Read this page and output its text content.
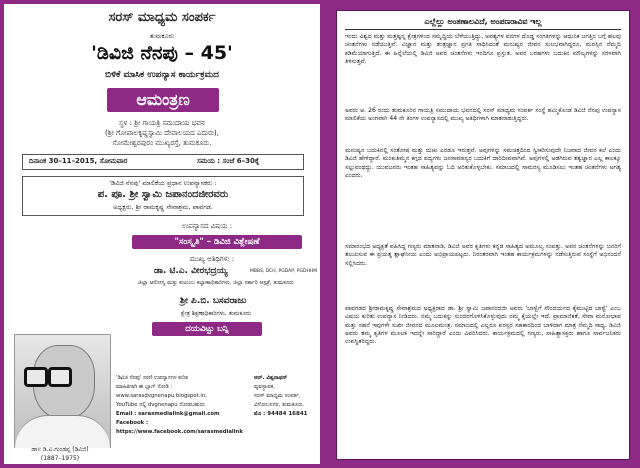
ಸರಸ್ ಮಾಧ್ಯಮ ಸಂಪರ್ಕ
ತುಮಕೂರು
'ಡಿವಿಜಿ ನೆನಪು – 45'
ಬಿಳಿಕೆ ಮಾಸಿಕ ಉಪನ್ಯಾಸ ಕಾರ್ಯಕ್ರಮದ
ಆಮಂತ್ರಣ
ಸ್ಥಳ : ಶ್ರೀ ಗಾಯತ್ರಿ ಸಮುದಾಯ ಭವನ
(ಶ್ರೀ ಗೋಪಾಲಕೃಷ್ಣಸ್ವಾಮಿ ದೇವಾಲಯದ ಎದುರು),
ಸೋಮೇಶ್ವರಪುರಂ ಮುಖ್ಯರಸ್ತೆ, ತುಮಕೂರು.
ದಿನಾಂಕ 30–11–2015, ಸೋಮವಾರ	ಸಮಯ : ಸಂಜೆ 6–30ಕ್ಕೆ
'ಡಿವಿಜಿ ನೆನಪು' ಮಾಲಿಕೆಯ ಪ್ರಧಾನ ಉಪನ್ಯಾಸಕರು :
ಪ. ಪೂ. ಶ್ರೀ ಸ್ವಾಮಿ ಜಪಾನಂದಜೀರವರು
ಅಧ್ಯಕ್ಷರು, ಶ್ರೀ ರಾಮಕೃಷ್ಣ ಸೇವಾಶ್ರಮ, ಪಾವಗಡ.
ಉಪನ್ಯಾಸದ ವಿಷಯ :
"ಸಂಸ್ಕೃತಿ" – ಡಿವಿಜಿ ವಿಶ್ಲೇಷಣೆ
ಮುಖ್ಯ ಅತಿಥಿಗಳು :
ಡಾ. ಟಿ.ಎ. ವೀರಭದ್ರಯ್ಯ	MBBS, DCH, PGDAP, PGDHHM
ಜಿಲ್ಲಾ ಆರೋಗ್ಯ ಮತ್ತು ಕುಟುಂಬ ಕಲ್ಯಾಣಾಧಿಕಾರಿಗಳು, ಜಿಲ್ಲಾ ಸರ್ಕಾರಿ ಆಸ್ಪತ್ರೆ, ತುಮಕೂರು
ಶ್ರೀ ಪಿ.ಬಿ. ಬಸವರಾಜು
ಕ್ಷೇತ್ರ ಶಿಕ್ಷಣಾಧಿಕಾರಿಗಳು, ತುಮಕೂರು
ದಯವಿಟ್ಟು ಬನ್ನಿ
ಡಾ॥ ಡಿ.ವಿ.ಗುಂಡಪ್ಪ (ಡಿವಿಜಿ)
(1887–1975)
'ಡಿವಿಜಿ ನೆನಪು' ಸರಣಿ ಉಪನ್ಯಾಸಗಳ ಕುರಿತ
ಮಾಹಿತಿಗಾಗಿ ಈ ಬ್ಲಾಗ್ ನೋಡಿ :
www.sarasdvgnenapu.blogspot.in,
YouTube ನಲ್ಲಿ dvgnenapu ನೋಡಬಹುದು
Email : sarasmedialink@gmail.com
Facebook : https://www.facebook.com/sarasmedialink
ಆರ್. ವಿಶ್ವನಾಥನ್
ವ್ಯವಸ್ಥಾಪಕ,
ಸರಸ್ ಮಾಧ್ಯಮ ಸಂಪರ್ಕ,
ವಿನೋಬನಗರ, ತುಮಕೂರು.
ಮೊ : 94484 16841
ಎಲ್ಲೆಲ್ಲು ಅಂತಣಾಲವಿದೆ, ಅಂಪಣರಾವಿವ ಇಲ್ಲ
ಇಂದು ವಿಶ್ವದ ಮತ್ತು ಮತ್ತಷ್ಟನ್ನ ಕ್ಷೇತ್ರಗಳಿಂದ ಸಮೃದ್ಧಿಯ ಬೆಳೆಯುತ್ತಿದ್ದು, ಅವಶ್ಯಗಳ ವನಗಳ ದೊಡ್ಡ ಸಂಗತಿಗಳನ್ನು ಆಧುನಿಕ ಜಗತ್ತಿನ ಬಗ್ಗೆ ಹಲವು ಚಿಂತನೆಗಳು ನಡೆಯುತ್ತಿವೆ. ವಿಜ್ಞಾನ ಮತ್ತು ತಂತ್ರಜ್ಞಾನ ಪ್ರಗತಿ ಸಾಧಿಸಿದಂತೆ ಮನುಷ್ಯನ ಜೀವನ ಸುಲಭವಾಗಿದ್ದರೂ, ಮನಸ್ಸಿನ ನೆಮ್ಮದಿ ಕಡಿಮೆಯಾಗುತ್ತಿದೆ. ಈ ಹಿನ್ನೆಲೆಯಲ್ಲಿ ಡಿವಿಜಿ ಅವರ ಚಿಂತನೆಗಳು ಇಂದಿಗೂ ಪ್ರಸ್ತುತ. ಅವರ ಬರಹಗಳು ಬದುಕಿನ ಮೌಲ್ಯಗಳನ್ನು ಸರಳವಾಗಿ ತಿಳಿಸುತ್ತವೆ.
ಅವರು ಆ. 26 ರಂದು ತುಮಕೂರಿನ ಗಾಯತ್ರಿ ಸಮುದಾಯ ಭವನದಲ್ಲಿ ಸರಸ್ ಮಾಧ್ಯಮ ಸಂಪರ್ಕ ಸಂಸ್ಥೆ ಹಮ್ಮಿಕೊಂಡ ಡಿವಿಜಿ ನೆನಪು ಉಪನ್ಯಾಸ ಮಾಲಿಕೆಯ ಅಂಗವಾಗಿ 44 ನೇ ತಿಂಗಳ ಉಪನ್ಯಾಸದಲ್ಲಿ ಮುಖ್ಯ ಅತಿಥಿಗಳಾಗಿ ಮಾತನಾಡುತ್ತಿದ್ದರು.
ಮನುಷ್ಯನ ಬದುಕಿನಲ್ಲಿ ಸಂತೋಷ ಮತ್ತು ದುಃಖ ಎರಡೂ ಇರುತ್ತವೆ. ಅವುಗಳನ್ನು ಸಮಚಿತ್ತದಿಂದ ಸ್ವೀಕರಿಸುವುದೇ ನಿಜವಾದ ಜೀವನ ಕಲೆ ಎಂದು ಡಿವಿಜಿ ಹೇಳಿದ್ದಾರೆ. ಮಂಕುತಿಮ್ಮನ ಕಗ್ಗದ ಪದ್ಯಗಳು ಜನಸಾಮಾನ್ಯರ ಬದುಕಿಗೆ ದಾರಿದೀಪವಾಗಿವೆ. ಅವುಗಳಲ್ಲಿ ಅಡಗಿರುವ ತತ್ವಜ್ಞಾನ ಎಲ್ಲ ಕಾಲಕ್ಕೂ ಸಲ್ಲುವಂಥದ್ದು. ಯುವಜನರು ಇಂತಹ ಸಾಹಿತ್ಯವನ್ನು ಓದಿ ಅರಿತುಕೊಳ್ಳಬೇಕು. ಸಮಾಜದಲ್ಲಿ ಸಾಮರಸ್ಯ ಮೂಡಿಸಲು ಇಂತಹ ಚಿಂತನೆಗಳು ಅಗತ್ಯ ಎಂದರು.
ಸಮಾರಂಭದ ಅಧ್ಯಕ್ಷತೆ ವಹಿಸಿದ್ದ ಗಣ್ಯರು ಮಾತನಾಡಿ, ಡಿವಿಜಿ ಅವರ ಕೃತಿಗಳು ಕನ್ನಡ ಸಾಹಿತ್ಯದ ಅಮೂಲ್ಯ ಸಂಪತ್ತು. ಅವರ ಚಿಂತನೆಗಳನ್ನು ಜನರಿಗೆ ತಲುಪಿಸುವ ಈ ಪ್ರಯತ್ನ ಶ್ಲಾಘನೀಯ ಎಂದು ಅಭಿಪ್ರಾಯಪಟ್ಟರು. ನಿರಂತರವಾಗಿ ಇಂತಹ ಕಾರ್ಯಕ್ರಮಗಳನ್ನು ನಡೆಸುತ್ತಿರುವ ಸಂಸ್ಥೆಗೆ ಅಭಿನಂದನೆ ಸಲ್ಲಿಸಿದರು.
ಪಾವಗಡದ ಶ್ರೀರಾಮಕೃಷ್ಣ ಸೇವಾಶ್ರಮದ ಅಧ್ಯಕ್ಷರಾದ ಡಾ. ಶ್ರೀ ಸ್ವಾಮಿ ಜಪಾನಂದಜೀ ಅವರು 'ಬಾಳ್ವೆಗೆ ಸೌಂದರ್ಯದ ಕೈಮುಟ್ಟಿದ ಬಾಳ್ವೆ' ಎಂಬ ವಿಷಯ ಕುರಿತು ಉಪನ್ಯಾಸ ನೀಡಿದರು. ನಮ್ಮ ಬದುಕನ್ನು ಸುಂದರಗೊಳಿಸಿಕೊಳ್ಳುವುದು ನಮ್ಮ ಕೈಯಲ್ಲೇ ಇದೆ. ಪ್ರಾಮಾಣಿಕತೆ, ಸೇವಾ ಮನೋಭಾವ ಮತ್ತು ಸಹನೆ ಇವುಗಳೇ ಸುಖೀ ಜೀವನದ ಮೂಲಮಂತ್ರ. ಸಮಾಜದಲ್ಲಿ ಎಲ್ಲರೂ ಪರಸ್ಪರ ಸಹಕಾರದಿಂದ ಬಾಳಿದಾಗ ಮಾತ್ರ ನೆಮ್ಮದಿ ಸಾಧ್ಯ. ಡಿವಿಜಿ ಅವರು ತಮ್ಮ ಕೃತಿಗಳ ಮೂಲಕ ಇದನ್ನೇ ಸಾರಿದ್ದಾರೆ ಎಂದು ವಿವರಿಸಿದರು. ಕಾರ್ಯಕ್ರಮದಲ್ಲಿ ಗಣ್ಯರು, ಸಾಹಿತ್ಯಾಸಕ್ತರು ಹಾಗೂ ಸಾರ್ವಜನಿಕರು ಉಪಸ್ಥಿತರಿದ್ದರು.
